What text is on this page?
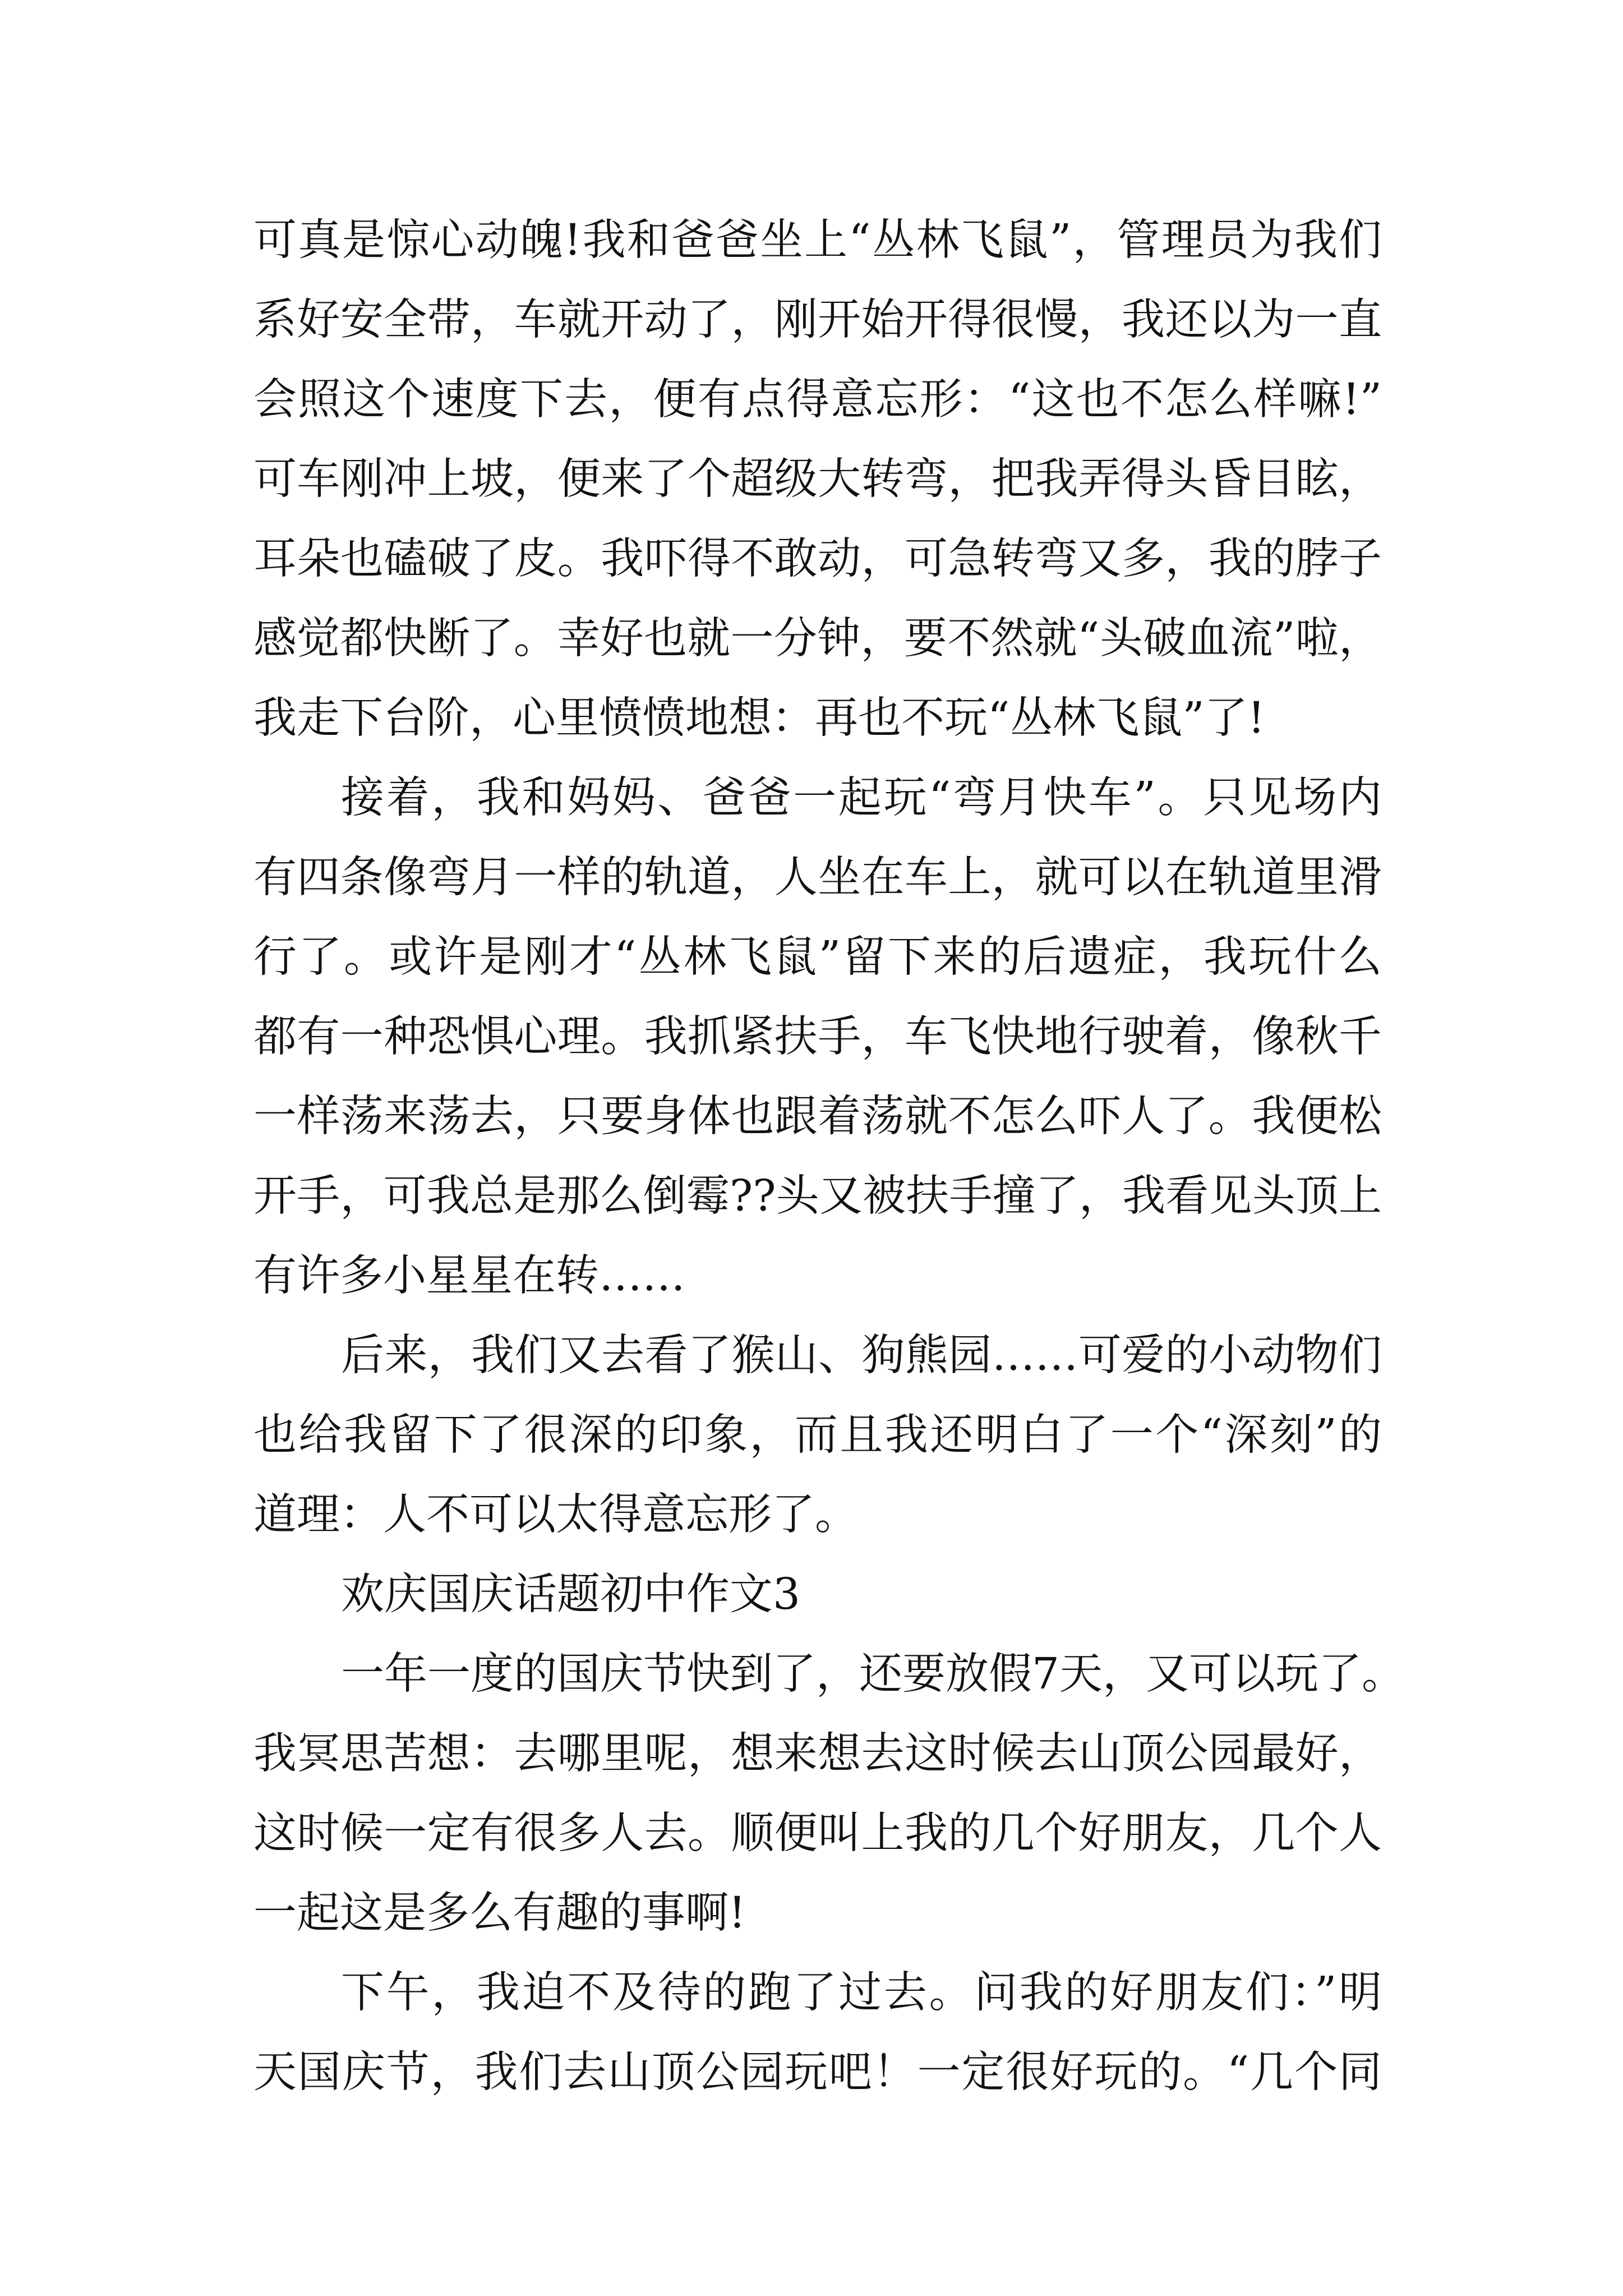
可真是惊心动魄!我和爸爸坐上“丛林飞鼠”，管理员为我们
系好安全带，车就开动了，刚开始开得很慢，我还以为一直
会照这个速度下去，便有点得意忘形：“这也不怎么样嘛!”
可车刚冲上坡，便来了个超级大转弯，把我弄得头昏目眩，
耳朵也磕破了皮。我吓得不敢动，可急转弯又多，我的脖子
感觉都快断了。幸好也就一分钟，要不然就“头破血流”啦，
我走下台阶，心里愤愤地想：再也不玩“丛林飞鼠”了!
接着，我和妈妈、爸爸一起玩“弯月快车”。只见场内
有四条像弯月一样的轨道，人坐在车上，就可以在轨道里滑
行了。或许是刚才“丛林飞鼠”留下来的后遗症，我玩什么
都有一种恐惧心理。我抓紧扶手，车飞快地行驶着，像秋千
一样荡来荡去，只要身体也跟着荡就不怎么吓人了。我便松
开手，可我总是那么倒霉??头又被扶手撞了，我看见头顶上
有许多小星星在转……
后来，我们又去看了猴山、狗熊园……可爱的小动物们
也给我留下了很深的印象，而且我还明白了一个“深刻”的
道理：人不可以太得意忘形了。
欢庆国庆话题初中作文3
一年一度的国庆节快到了，还要放假7天，又可以玩了。
我冥思苦想：去哪里呢，想来想去这时候去山顶公园最好，
这时候一定有很多人去。顺便叫上我的几个好朋友，几个人
一起这是多么有趣的事啊!
下午，我迫不及待的跑了过去。问我的好朋友们：”明
天国庆节，我们去山顶公园玩吧！一定很好玩的。“几个同
